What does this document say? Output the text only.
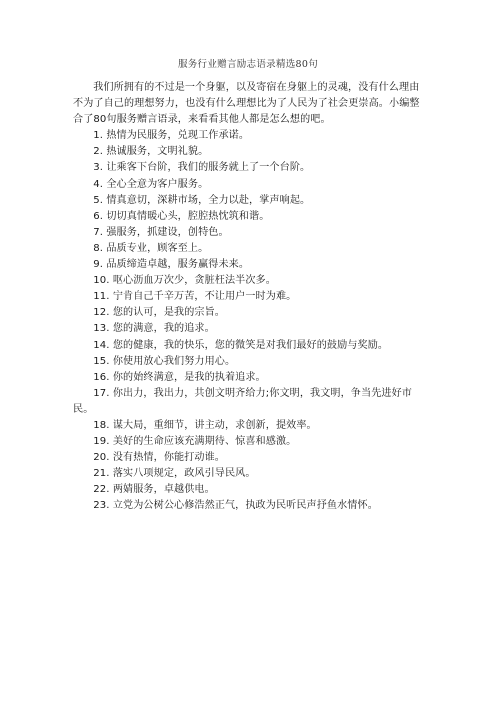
服务行业赠言励志语录精选80句

我们所拥有的不过是一个身躯，以及寄宿在身躯上的灵魂，没有什么理由不为了自己的理想努力，也没有什么理想比为了人民为了社会更崇高。小编整合了80句服务赠言语录，来看看其他人都是怎么想的吧。

1. 热情为民服务，兑现工作承诺。
2. 热诚服务，文明礼貌。
3. 让乘客下台阶，我们的服务就上了一个台阶。
4. 全心全意为客户服务。
5. 情真意切，深耕市场，全力以赴，掌声响起。
6. 切切真情暖心头，腔腔热忱筑和谐。
7. 强服务，抓建设，创特色。
8. 品质专业，顾客至上。
9. 品质缔造卓越，服务赢得未来。
10. 呕心沥血万次少，贪脏枉法半次多。
11. 宁肯自己千辛万苦，不让用户一时为难。
12. 您的认可，是我的宗旨。
13. 您的满意，我的追求。
14. 您的健康，我的快乐，您的微笑是对我们最好的鼓励与奖励。
15. 你使用放心我们努力用心。
16. 你的始终满意，是我的执着追求。
17. 你出力，我出力，共创文明齐给力;你文明，我文明，争当先进好市民。
18. 谋大局，重细节，讲主动，求创新，提效率。
19. 美好的生命应该充满期待、惊喜和感激。
20. 没有热情，你能打动谁。
21. 落实八项规定，政风引导民风。
22. 两婧服务，卓越供电。
23. 立党为公树公心修浩然正气，执政为民听民声抒鱼水情怀。
